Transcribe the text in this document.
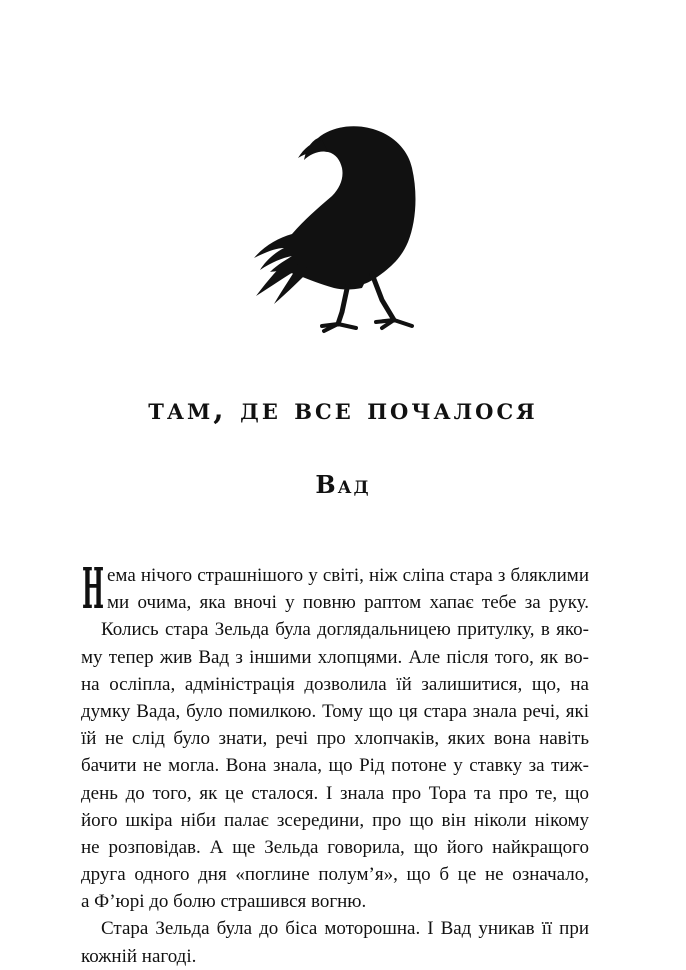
там, де все почалося
Вад
Н ема нічого страшнішого у світі, ніж сліпа стара з бляклими
ми очима, яка вночі у повню раптом хапає тебе за руку.
Колись стара Зельда була доглядальницею притулку, в яко-
му тепер жив Вад з іншими хлопцями. Але після того, як во-
на осліпла, адміністрація дозволила їй залишитися, що, на
думку Вада, було помилкою. Тому що ця стара знала речі, які
їй не слід було знати, речі про хлопчаків, яких вона навіть
бачити не могла. Вона знала, що Рід потоне у ставку за тиж-
день до того, як це сталося. І знала про Тора та про те, що
його шкіра ніби палає зсередини, про що він ніколи нікому
не розповідав. А ще Зельда говорила, що його найкращого
друга одного дня «поглине полум’я», що б це не означало,
а Ф’юрі до болю страшився вогню.
Стара Зельда була до біса моторошна. І Вад уникав її при
кожній нагоді.
